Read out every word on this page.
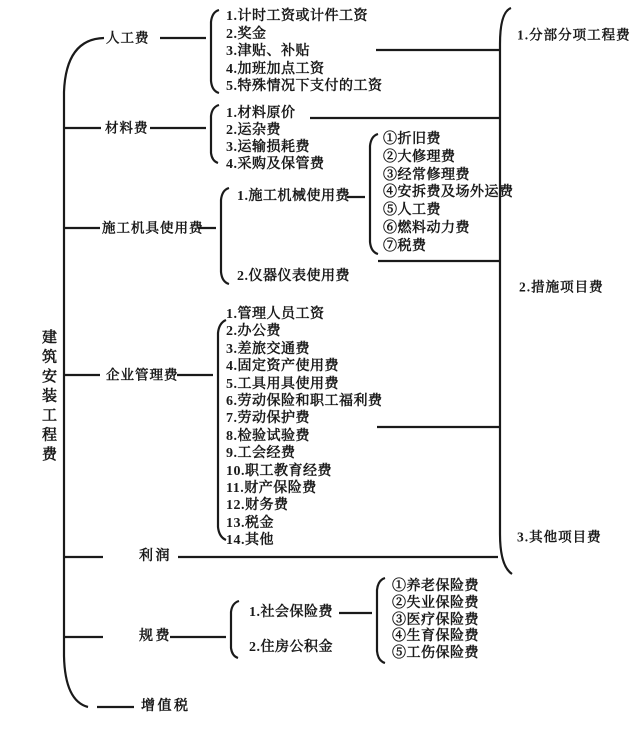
建筑安装工程费
人工费
材料费
施工机具使用费
企业管理费
利润
规费
增值税
1.计时工资或计件工资
2.奖金
3.津贴、补贴
4.加班加点工资
5.特殊情况下支付的工资
1.材料原价
2.运杂费
3.运输损耗费
4.采购及保管费
1.施工机械使用费
2.仪器仪表使用费
①折旧费
②大修理费
③经常修理费
④安拆费及场外运费
⑤人工费
⑥燃料动力费
⑦税费
1.管理人员工资
2.办公费
3.差旅交通费
4.固定资产使用费
5.工具用具使用费
6.劳动保险和职工福利费
7.劳动保护费
8.检验试验费
9.工会经费
10.职工教育经费
11.财产保险费
12.财务费
13.税金
14.其他
1.社会保险费
2.住房公积金
①养老保险费
②失业保险费
③医疗保险费
④生育保险费
⑤工伤保险费
1.分部分项工程费
2.措施项目费
3.其他项目费
